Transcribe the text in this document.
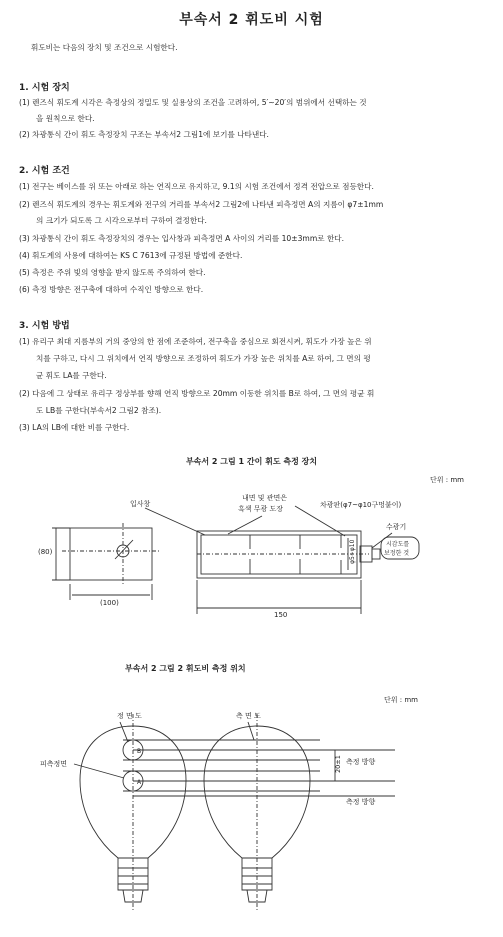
부속서 2 휘도비 시험
휘도비는 다음의 장치 및 조건으로 시험한다.
1. 시험 장치
(1) 렌즈식 휘도계 시각은 측정상의 정밀도 및 실용상의 조건을 고려하여, 5′~20′의 범위에서 선택하는 것
을 원칙으로 한다.
(2) 차광통식 간이 휘도 측정장치 구조는 부속서2 그림1에 보기를 나타낸다.
2. 시험 조건
(1) 전구는 베이스를 위 또는 아래로 하는 연직으로 유지하고, 9.1의 시험 조건에서 정격 전압으로 점등한다.
(2) 렌즈식 휘도계의 경우는 휘도계와 전구의 거리를 부속서2 그림2에 나타낸 피측정면 A의 지름이 φ7±1mm
의 크기가 되도록 그 시각으로부터 구하여 결정한다.
(3) 차광통식 간이 휘도 측정장치의 경우는 입사창과 피측정면 A 사이의 거리를 10±3mm로 한다.
(4) 휘도계의 사용에 대하여는 KS C 7613에 규정된 방법에 준한다.
(5) 측정은 주위 빛의 영향을 받지 않도록 주의하여 한다.
(6) 측정 방향은 전구축에 대하여 수직인 방향으로 한다.
3. 시험 방법
(1) 유리구 최대 지름부의 거의 중앙의 한 점에 조준하여, 전구축을 중심으로 회전시켜, 휘도가 가장 높은 위
치를 구하고, 다시 그 위치에서 연직 방향으로 조정하여 휘도가 가장 높은 위치를 A로 하여, 그 면의 평
균 휘도 LA를 구한다.
(2) 다음에 그 상태로 유리구 정상부를 향해 연직 방향으로 20mm 이동한 위치를 B로 하여, 그 면의 평균 휘
도 LB를 구한다(부속서2 그림2 참조).
(3) LA의 LB에 대한 비를 구한다.
부속서 2 그림 1 간이 휘도 측정 장치
단위 : mm
내면 및 관면은
흑색 무광 도장
입사창	차광판(φ7~φ10구멍붙이)
수광기
시감도를
보정한 것
(80)
(100)
150
φ5~φ10
부속서 2 그림 2 휘도비 측정 위치
단위 : mm
정 면 도	측 면 도
피측정면
B
A
20±1 측정 방향
측정 방향
